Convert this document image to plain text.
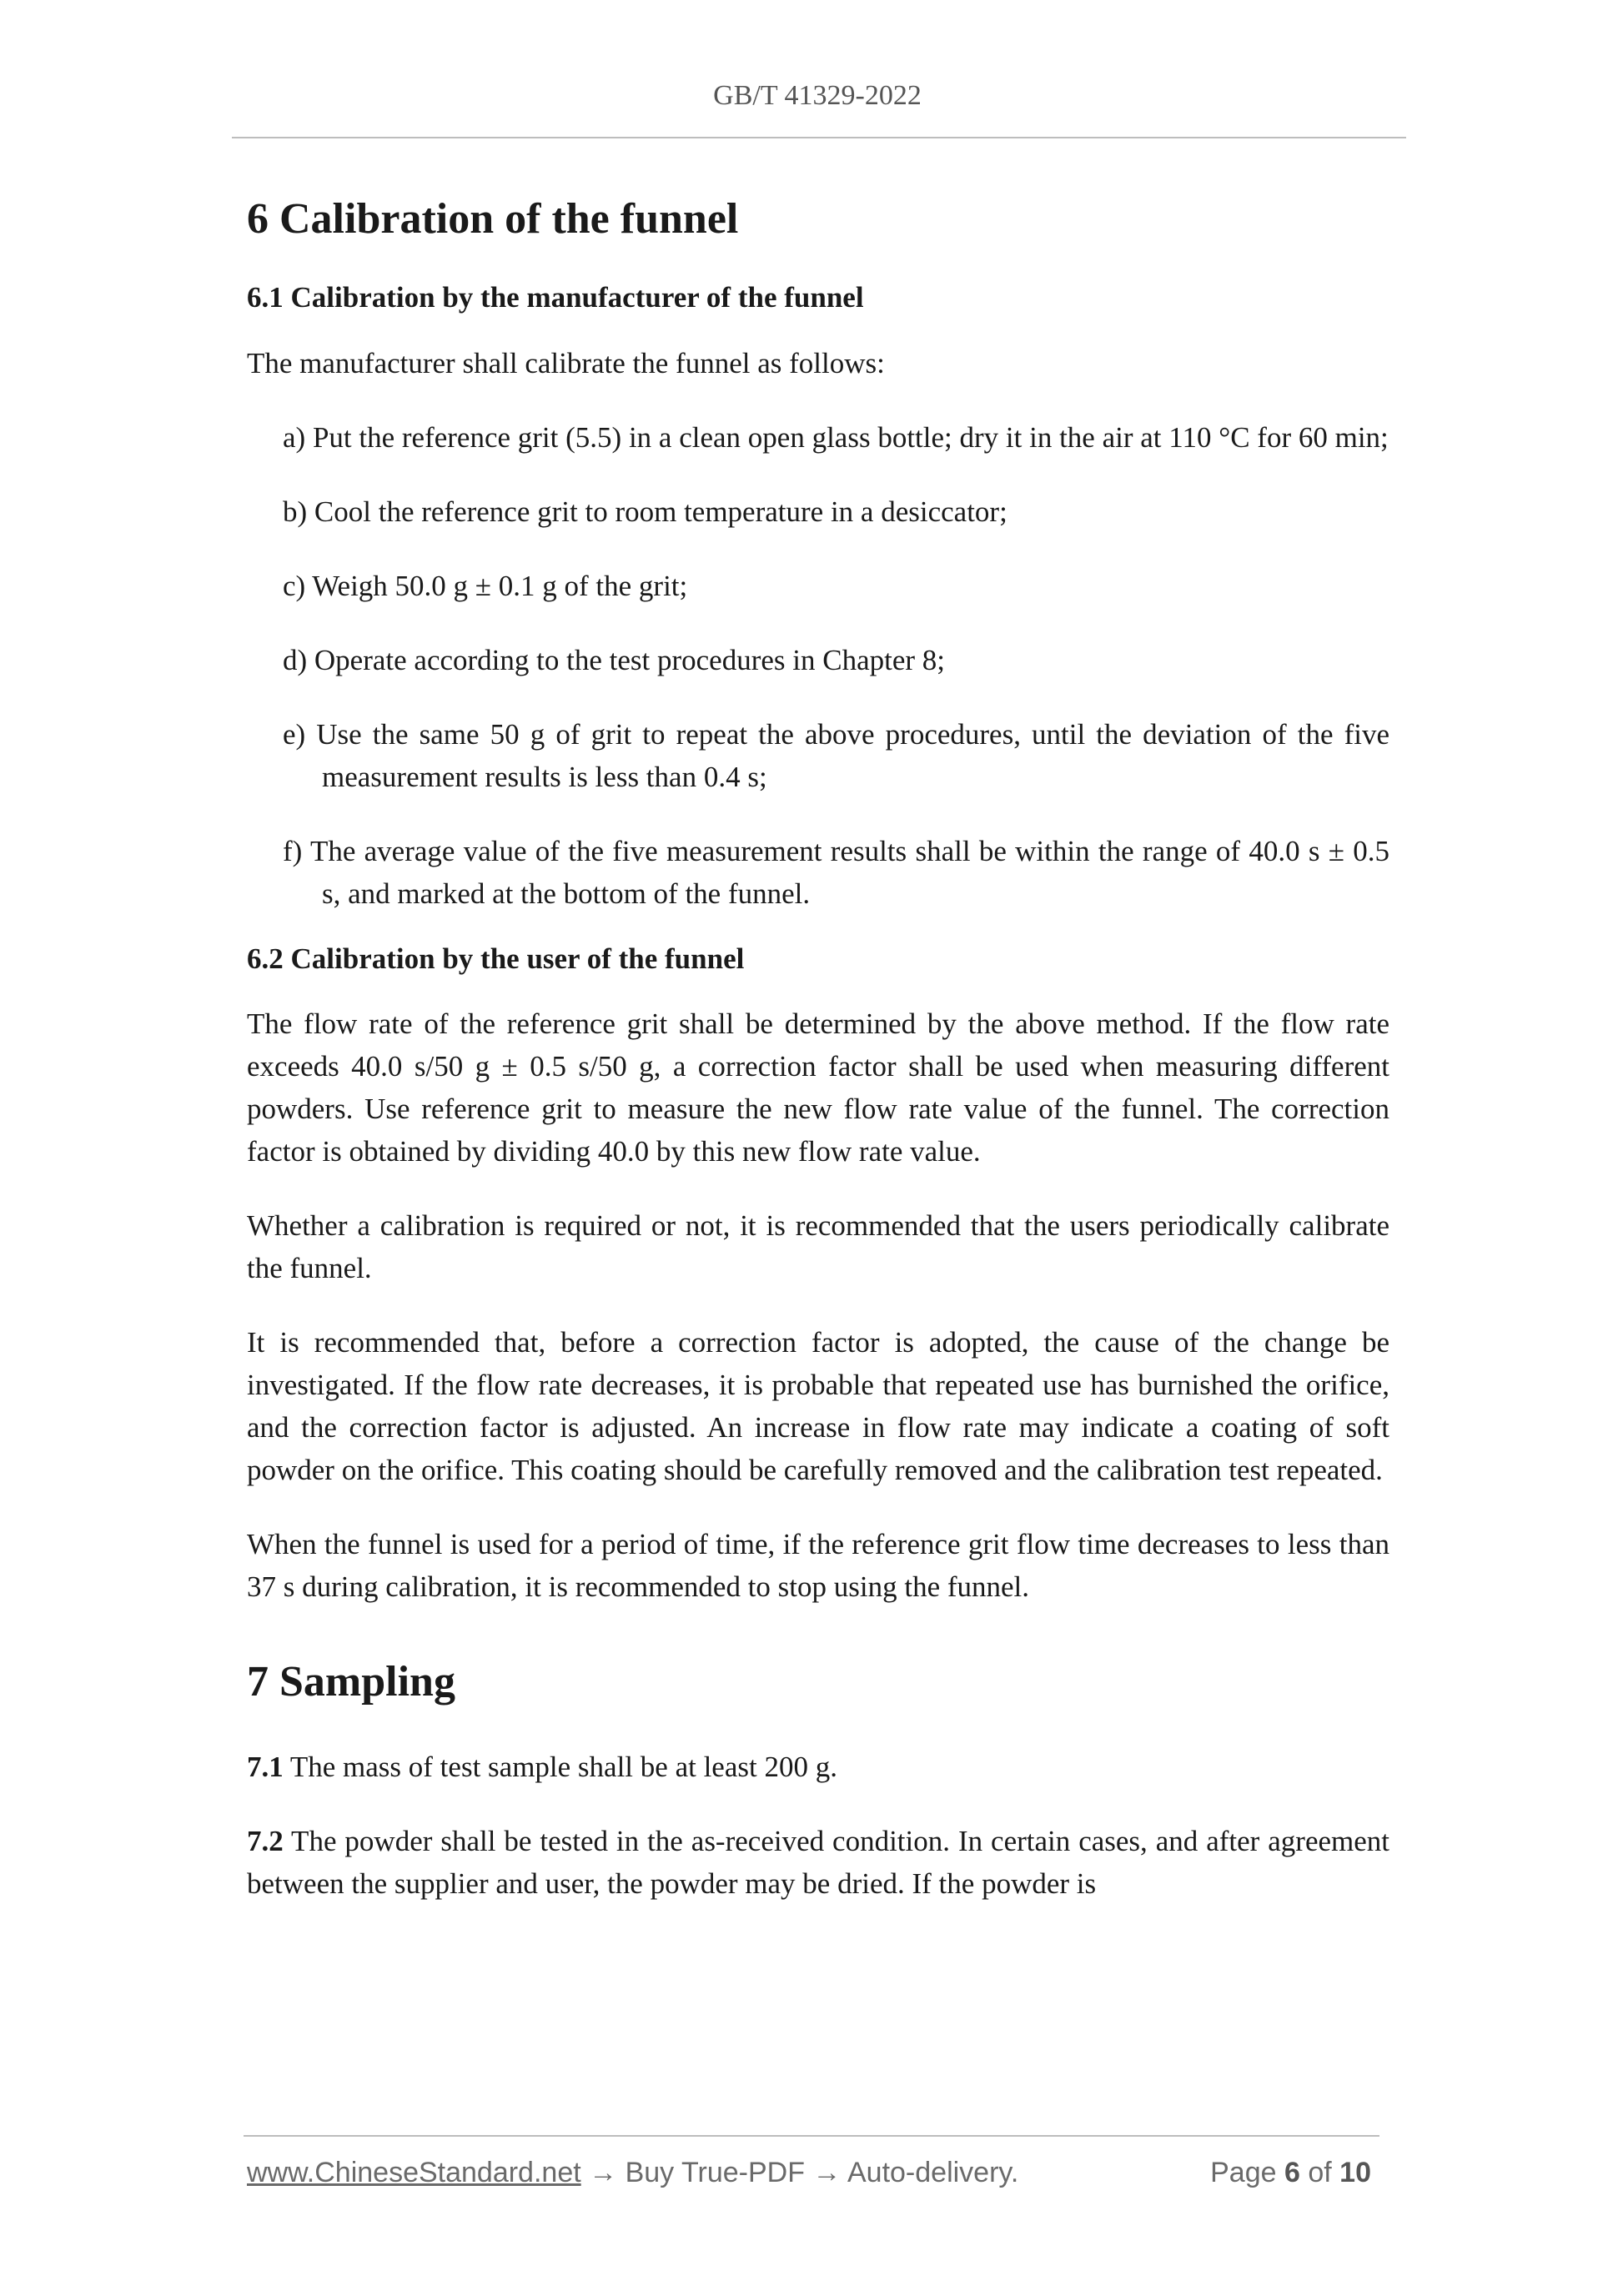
GB/T 41329-2022
6 Calibration of the funnel
6.1 Calibration by the manufacturer of the funnel

The manufacturer shall calibrate the funnel as follows:

a) Put the reference grit (5.5) in a clean open glass bottle; dry it in the air at 110 °C for 60 min;
b) Cool the reference grit to room temperature in a desiccator;
c) Weigh 50.0 g ± 0.1 g of the grit;
d) Operate according to the test procedures in Chapter 8;
e) Use the same 50 g of grit to repeat the above procedures, until the deviation of the five measurement results is less than 0.4 s;
f) The average value of the five measurement results shall be within the range of 40.0 s ± 0.5 s, and marked at the bottom of the funnel.
6.2 Calibration by the user of the funnel

The flow rate of the reference grit shall be determined by the above method. If the flow rate exceeds 40.0 s/50 g ± 0.5 s/50 g, a correction factor shall be used when measuring different powders. Use reference grit to measure the new flow rate value of the funnel. The correction factor is obtained by dividing 40.0 by this new flow rate value.

Whether a calibration is required or not, it is recommended that the users periodically calibrate the funnel.

It is recommended that, before a correction factor is adopted, the cause of the change be investigated. If the flow rate decreases, it is probable that repeated use has burnished the orifice, and the correction factor is adjusted. An increase in flow rate may indicate a coating of soft powder on the orifice. This coating should be carefully removed and the calibration test repeated.

When the funnel is used for a period of time, if the reference grit flow time decreases to less than 37 s during calibration, it is recommended to stop using the funnel.

7 Sampling

7.1 The mass of test sample shall be at least 200 g.

7.2 The powder shall be tested in the as-received condition. In certain cases, and after agreement between the supplier and user, the powder may be dried. If the powder is

www.ChineseStandard.net → Buy True-PDF → Auto-delivery.	Page 6 of 10
